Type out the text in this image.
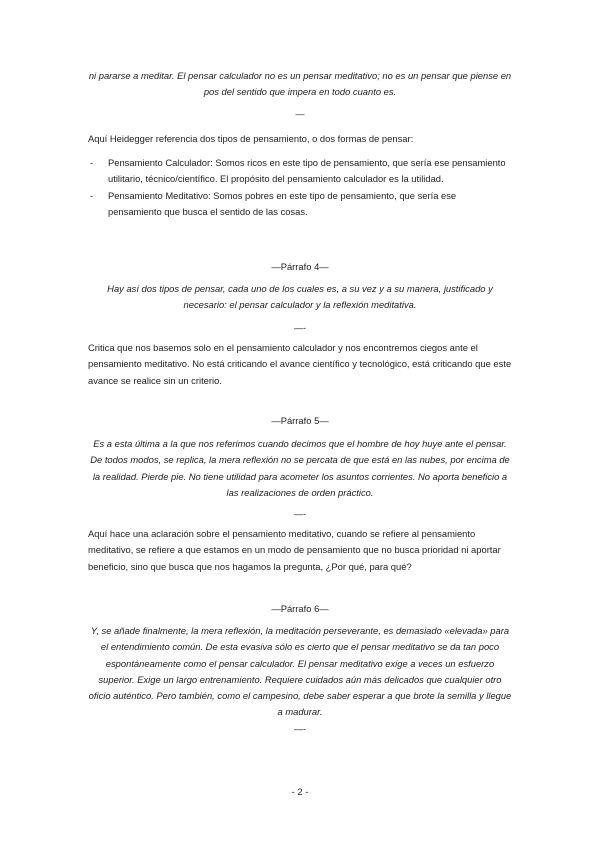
ni pararse a meditar. El pensar calculador no es un pensar meditativo; no es un pensar que piense en pos del sentido que impera en todo cuanto es.
—
Aquí Heidegger referencia dos tipos de pensamiento, o dos formas de pensar:
- Pensamiento Calculador: Somos ricos en este tipo de pensamiento, que sería ese pensamiento utilitario, técnico/científico. El propósito del pensamiento calculador es la utilidad.
- Pensamiento Meditativo: Somos pobres en este tipo de pensamiento, que sería ese pensamiento que busca el sentido de las cosas.
—Párrafo 4—
Hay así dos tipos de pensar, cada uno de los cuales es, a su vez y a su manera, justificado y necesario: el pensar calculador y la reflexión meditativa.
—-
Critica que nos basemos solo en el pensamiento calculador y nos encontremos ciegos ante el pensamiento meditativo. No está criticando el avance científico y tecnológico, está criticando que este avance se realice sin un criterio.
—Párrafo 5—
Es a esta última a la que nos referimos cuando decimos que el hombre de hoy huye ante el pensar. De todos modos, se replica, la mera reflexión no se percata de que está en las nubes, por encima de la realidad. Pierde pie. No tiene utilidad para acometer los asuntos corrientes. No aporta beneficio a las realizaciones de orden práctico.
—-
Aquí hace una aclaración sobre el pensamiento meditativo, cuando se refiere al pensamiento meditativo, se refiere a que estamos en un modo de pensamiento que no busca prioridad ni aportar beneficio, sino que busca que nos hagamos la pregunta, ¿Por qué, para qué?
—Párrafo 6—
Y, se añade finalmente, la mera reflexión, la meditación perseverante, es demasiado «elevada» para el entendimiento común. De esta evasiva sólo es cierto que el pensar meditativo se da tan poco espontáneamente como el pensar calculador. El pensar meditativo exige a veces un esfuerzo superior. Exige un largo entrenamiento. Requiere cuidados aún más delicados que cualquier otro oficio auténtico. Pero también, como el campesino, debe saber esperar a que brote la semilla y llegue a madurar.
—-
- 2 -
